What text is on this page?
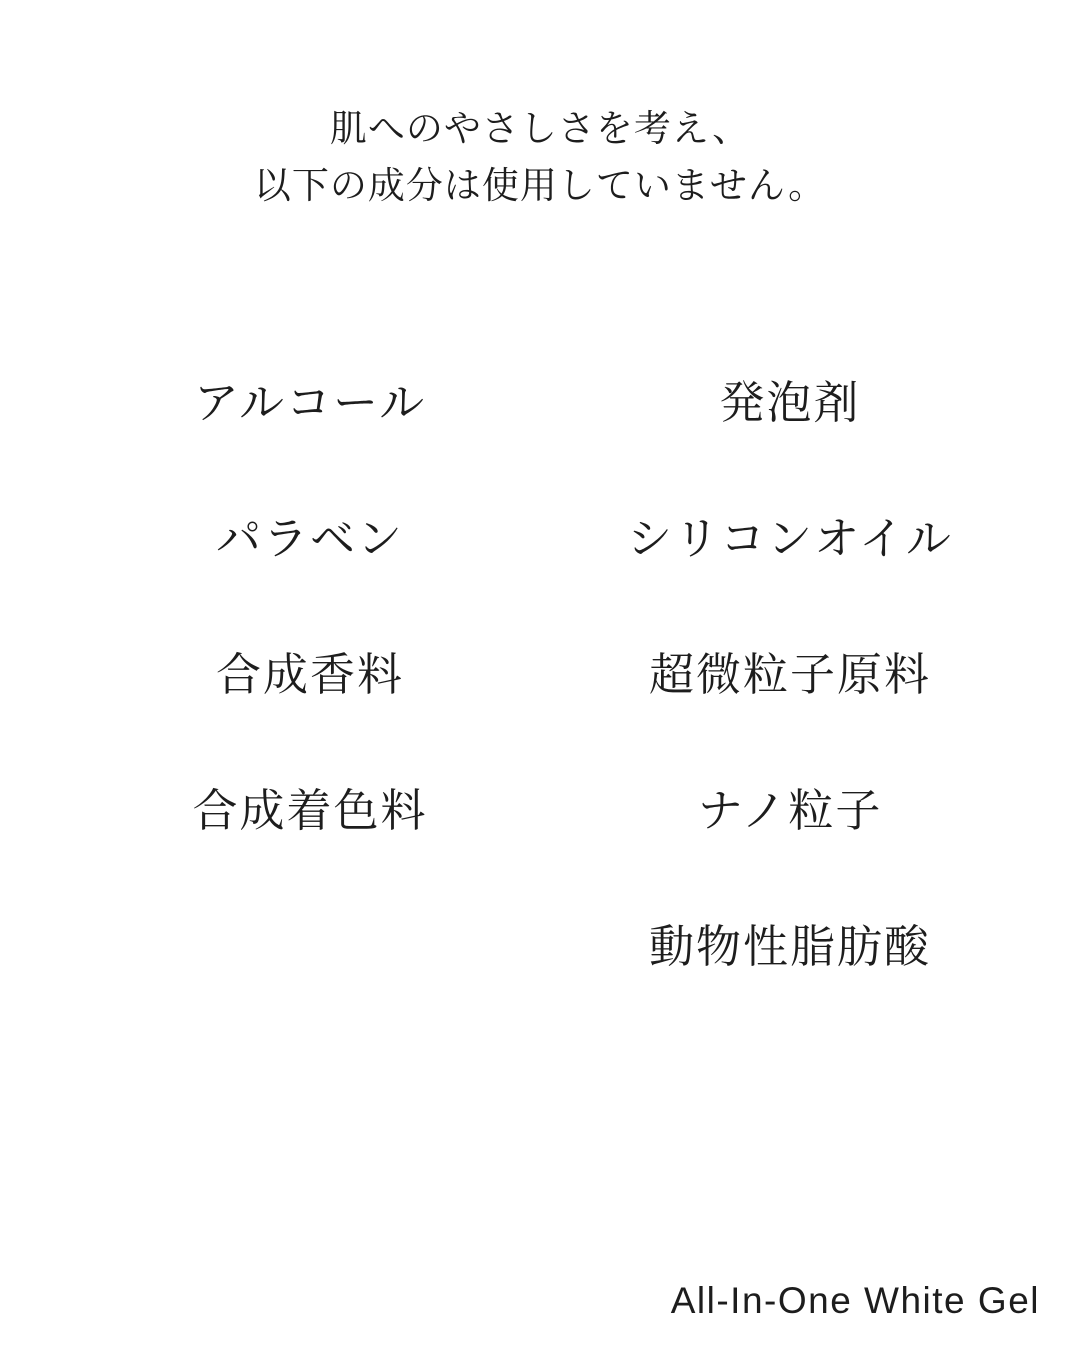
肌へのやさしさを考え、
以下の成分は使用していません。
アルコール
パラベン
合成香料
合成着色料
発泡剤
シリコンオイル
超微粒子原料
ナノ粒子
動物性脂肪酸
All-In-One White Gel
